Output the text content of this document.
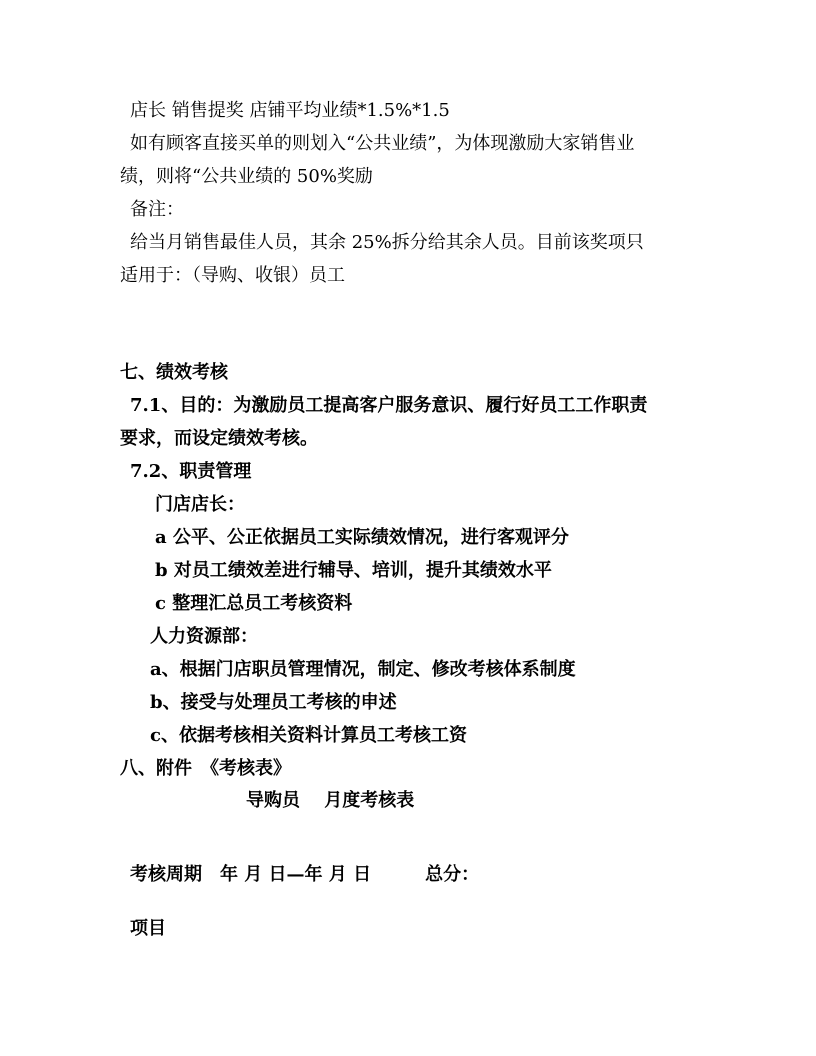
店长 销售提奖 店铺平均业绩*1.5%*1.5
如有顾客直接买单的则划入“公共业绩”，为体现激励大家销售业
绩，则将“公共业绩的 50%奖励
备注：
给当月销售最佳人员，其余 25%拆分给其余人员。目前该奖项只
适用于：（导购、收银）员工
七、绩效考核
7.1、目的：为激励员工提高客户服务意识、履行好员工工作职责
要求，而设定绩效考核。
7.2、职责管理
门店店长：
a 公平、公正依据员工实际绩效情况，进行客观评分
b 对员工绩效差进行辅导、培训，提升其绩效水平
c 整理汇总员工考核资料
人力资源部：
a、根据门店职员管理情况，制定、修改考核体系制度
b、接受与处理员工考核的申述
c、依据考核相关资料计算员工考核工资
八、附件　《考核表》
导购员　 月度考核表
考核周期　年 月 日—年 月 日　　　总分：
项目
